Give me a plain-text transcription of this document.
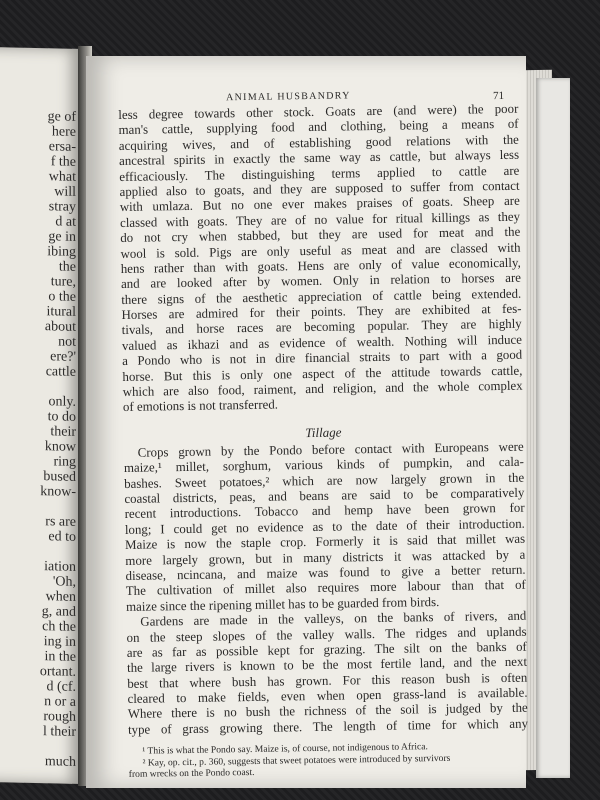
ge of
here
ersa-
f the
what
will
stray
d at
ge in
ibing
the
ture,
o the
itural
about
not
ere?'
cattle
only.
to do
their
know
ring
bused
know-
rs are
ed to
iation
'Oh,
when
g, and
ch the
ing in
in the
ortant.
d (cf.
n or a
rough
l their
much
ANIMAL HUSBANDRY	71
less degree towards other stock. Goats are (and were) the poor
man's cattle, supplying food and clothing, being a means of
acquiring wives, and of establishing good relations with the
ancestral spirits in exactly the same way as cattle, but always less
efficaciously. The distinguishing terms applied to cattle are
applied also to goats, and they are supposed to suffer from contact
with umlaza. But no one ever makes praises of goats. Sheep are
classed with goats. They are of no value for ritual killings as they
do not cry when stabbed, but they are used for meat and the
wool is sold. Pigs are only useful as meat and are classed with
hens rather than with goats. Hens are only of value economically,
and are looked after by women. Only in relation to horses are
there signs of the aesthetic appreciation of cattle being extended.
Horses are admired for their points. They are exhibited at fes-
tivals, and horse races are becoming popular. They are highly
valued as ikhazi and as evidence of wealth. Nothing will induce
a Pondo who is not in dire financial straits to part with a good
horse. But this is only one aspect of the attitude towards cattle,
which are also food, raiment, and religion, and the whole complex
of emotions is not transferred.
Tillage
Crops grown by the Pondo before contact with Europeans were
maize,¹ millet, sorghum, various kinds of pumpkin, and cala-
bashes. Sweet potatoes,² which are now largely grown in the
coastal districts, peas, and beans are said to be comparatively
recent introductions. Tobacco and hemp have been grown for
long; I could get no evidence as to the date of their introduction.
Maize is now the staple crop. Formerly it is said that millet was
more largely grown, but in many districts it was attacked by a
disease, ncincana, and maize was found to give a better return.
The cultivation of millet also requires more labour than that of
maize since the ripening millet has to be guarded from birds.
Gardens are made in the valleys, on the banks of rivers, and
on the steep slopes of the valley walls. The ridges and uplands
are as far as possible kept for grazing. The silt on the banks of
the large rivers is known to be the most fertile land, and the next
best that where bush has grown. For this reason bush is often
cleared to make fields, even when open grass-land is available.
Where there is no bush the richness of the soil is judged by the
type of grass growing there. The length of time for which any
¹ This is what the Pondo say. Maize is, of course, not indigenous to Africa.
² Kay, op. cit., p. 360, suggests that sweet potatoes were introduced by survivors
from wrecks on the Pondo coast.
